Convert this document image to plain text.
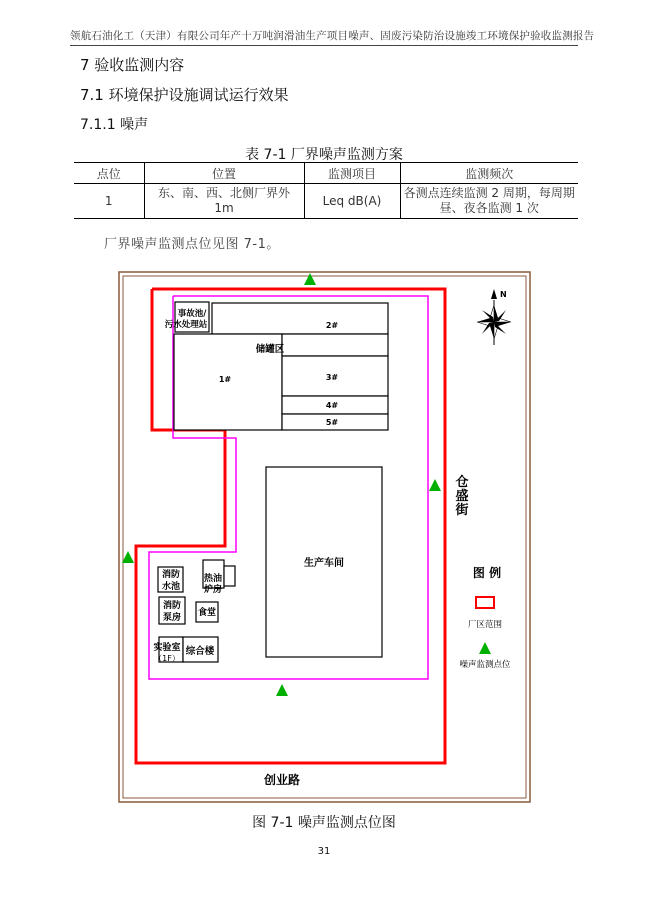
领航石油化工（天津）有限公司年产十万吨润滑油生产项目噪声、固废污染防治设施竣工环境保护验收监测报告
7 验收监测内容
7.1 环境保护设施调试运行效果
7.1.1 噪声
表 7-1 厂界噪声监测方案
点位	位置	监测项目	监测频次
1	东、南、西、北侧厂界外 1m	Leq dB(A)	各测点连续监测 2 周期，每周期昼、夜各监测 1 次
厂界噪声监测点位见图 7-1。
事故池/
污水处理站	2#
1#
储罐区
3#
4#
5#
生产车间
消防
水池
消防
泵房
热油
炉房
食堂
实验室
（1F）
综合楼
仓
盛
街
创业路
N
图 例
厂区范围
噪声监测点位
图 7-1 噪声监测点位图
31
